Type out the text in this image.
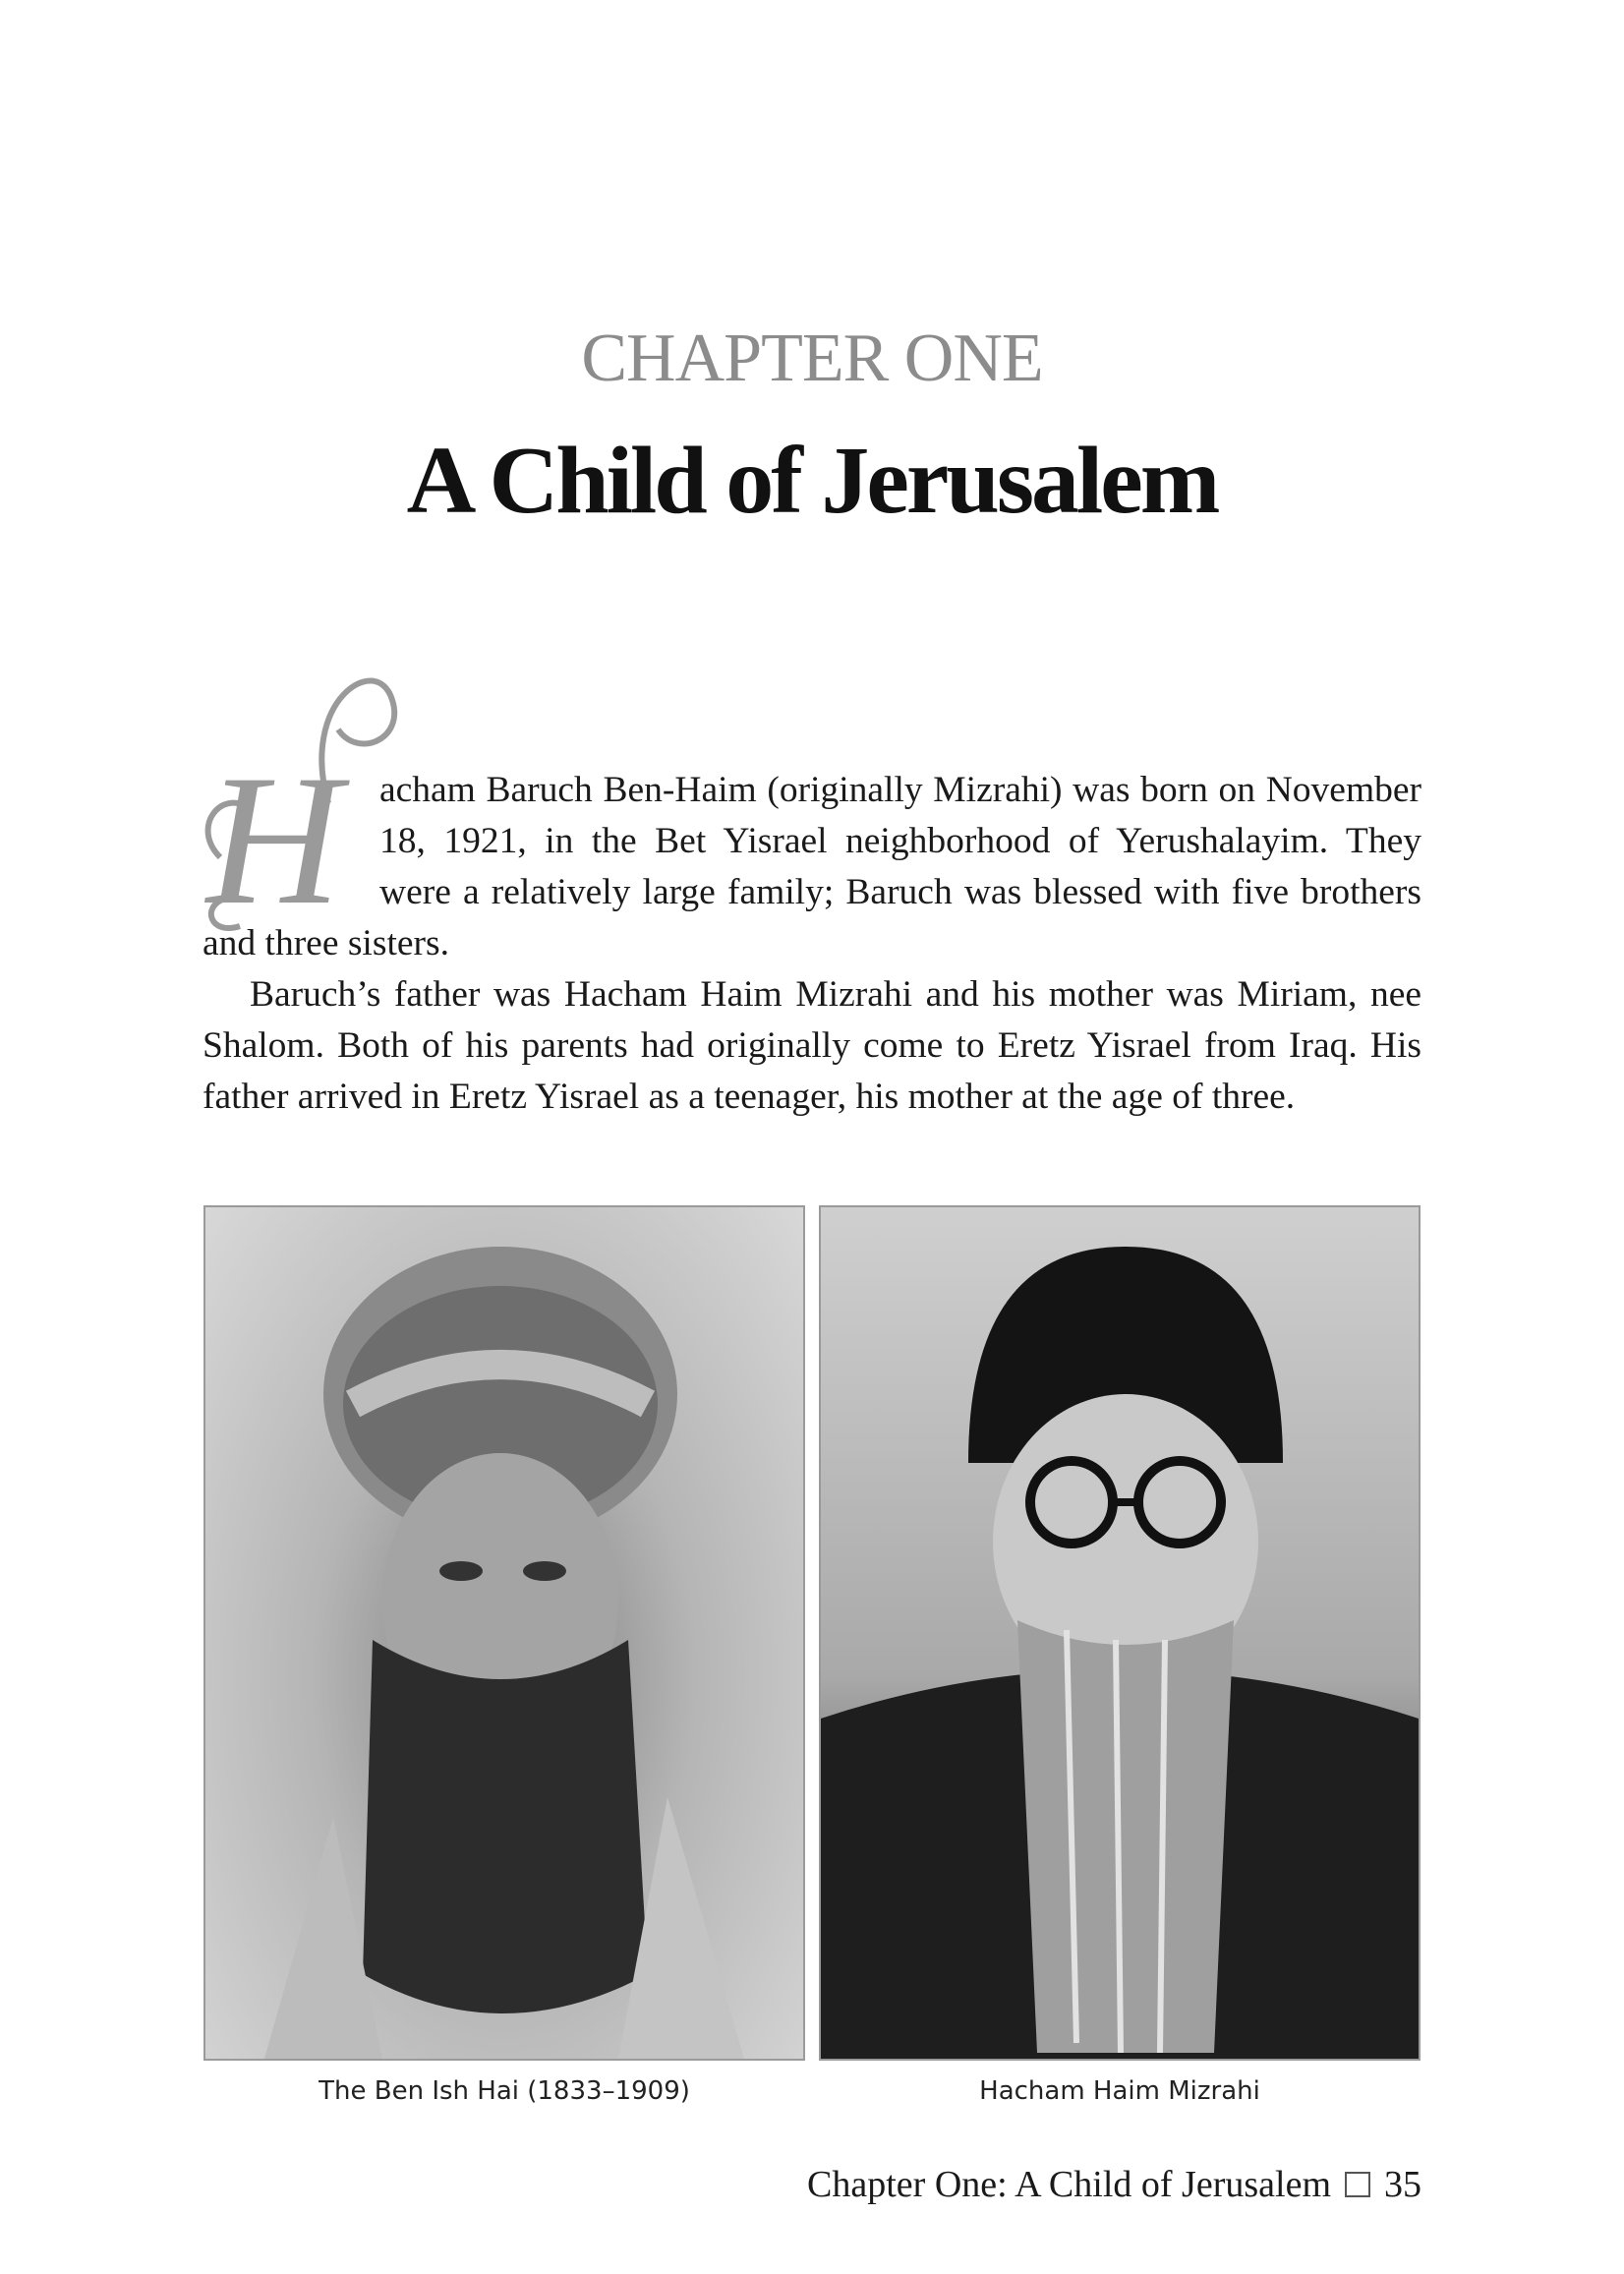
CHAPTER ONE
A Child of Jerusalem

H acham Baruch Ben-Haim (originally Mizrahi) was born on November 18, 1921, in the Bet Yisrael neighborhood of Yerushalayim. They were a relatively large family; Baruch was blessed with five brothers and three sisters.

Baruch’s father was Hacham Haim Mizrahi and his mother was Miriam, nee Shalom. Both of his parents had originally come to Eretz Yisrael from Iraq. His father arrived in Eretz Yisrael as a teenager, his mother at the age of three.

The Ben Ish Hai (1833–1909)	Hacham Haim Mizrahi
Chapter One: A Child of Jerusalem 35
